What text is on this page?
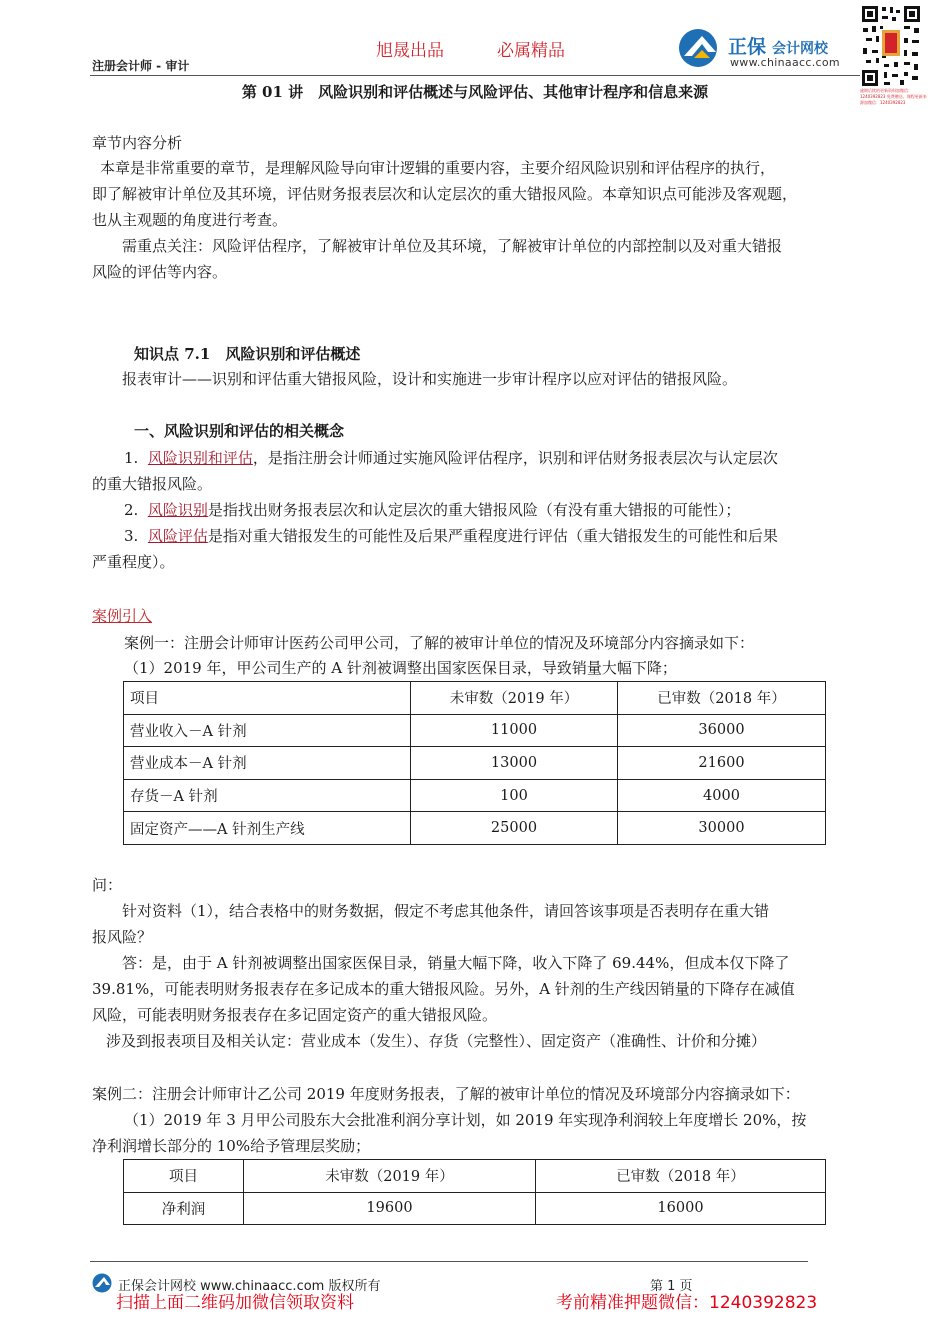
旭晟出品	必属精品
注册会计师 - 审计
正保 会计网校
www.chinaacc.com
逾期后续的更新资料加微信：1240392823 免费赠送、课程更新来源加微信：1240392823
第 01 讲　风险识别和评估概述与风险评估、其他审计程序和信息来源
章节内容分析
本章是非常重要的章节，是理解风险导向审计逻辑的重要内容，主要介绍风险识别和评估程序的执行，
即了解被审计单位及其环境，评估财务报表层次和认定层次的重大错报风险。本章知识点可能涉及客观题，
也从主观题的角度进行考查。
需重点关注：风险评估程序，了解被审计单位及其环境，了解被审计单位的内部控制以及对重大错报
风险的评估等内容。
知识点 7.1　风险识别和评估概述
报表审计——识别和评估重大错报风险，设计和实施进一步审计程序以应对评估的错报风险。
一、风险识别和评估的相关概念
1. 风险识别和评估，是指注册会计师通过实施风险评估程序，识别和评估财务报表层次与认定层次
的重大错报风险。
2. 风险识别是指找出财务报表层次和认定层次的重大错报风险（有没有重大错报的可能性）；
3. 风险评估是指对重大错报发生的可能性及后果严重程度进行评估（重大错报发生的可能性和后果
严重程度）。
案例引入
案例一：注册会计师审计医药公司甲公司，了解的被审计单位的情况及环境部分内容摘录如下：
（1）2019 年，甲公司生产的 A 针剂被调整出国家医保目录，导致销量大幅下降；
项目	未审数（2019 年）	已审数（2018 年）
营业收入－A 针剂	11000	36000
营业成本－A 针剂	13000	21600
存货－A 针剂	100	4000
固定资产——A 针剂生产线	25000	30000
问：
针对资料（1），结合表格中的财务数据，假定不考虑其他条件，请回答该事项是否表明存在重大错
报风险？
答：是，由于 A 针剂被调整出国家医保目录，销量大幅下降，收入下降了 69.44%，但成本仅下降了
39.81%，可能表明财务报表存在多记成本的重大错报风险。另外，A 针剂的生产线因销量的下降存在减值
风险，可能表明财务报表存在多记固定资产的重大错报风险。
涉及到报表项目及相关认定：营业成本（发生）、存货（完整性）、固定资产（准确性、计价和分摊）
案例二：注册会计师审计乙公司 2019 年度财务报表，了解的被审计单位的情况及环境部分内容摘录如下：
（1）2019 年 3 月甲公司股东大会批准利润分享计划，如 2019 年实现净利润较上年度增长 20%，按
净利润增长部分的 10%给予管理层奖励；
项目	未审数（2019 年）	已审数（2018 年）
净利润	19600	16000
正保会计网校 www.chinaacc.com 版权所有	第 1 页
扫描上面二维码加微信领取资料	考前精准押题微信：1240392823
